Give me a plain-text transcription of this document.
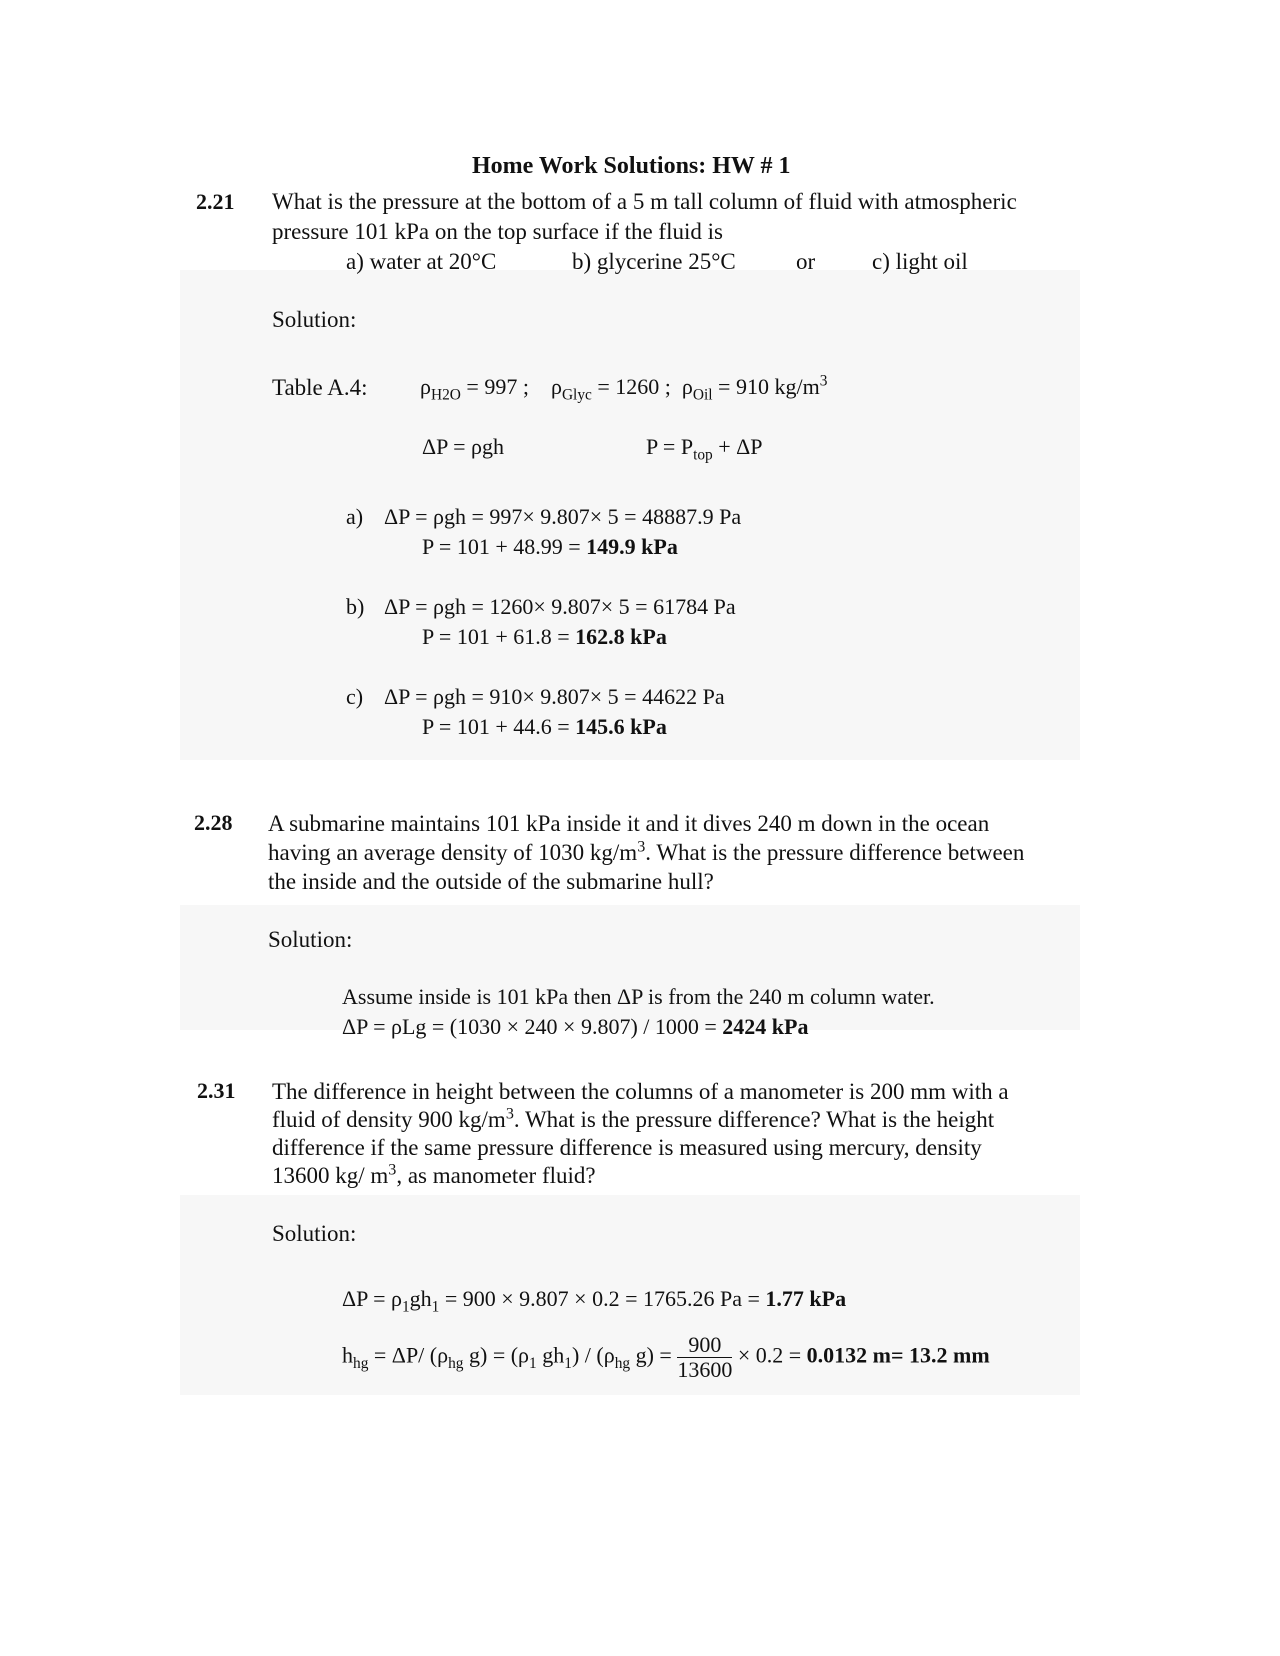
Home Work Solutions: HW # 1
2.21 What is the pressure at the bottom of a 5 m tall column of fluid with atmospheric
pressure 101 kPa on the top surface if the fluid is
a) water at 20°C	b) glycerine 25°C	or c) light oil
Solution:
Table A.4: $\rho_{H2O} = 997$ ; $\rho_{Glyc} = 1260$ ; $\rho_{Oil} = 910$ $kg/m^3$
ΔP = ρgh	$P = P_{top} + \Delta P$
a) ΔP = ρgh = 997× 9.807× 5 = 48887.9 Pa
P = 101 + 48.99 = 149.9 kPa
b) ΔP = ρgh = 1260× 9.807× 5 = 61784 Pa
P = 101 + 61.8 = 162.8 kPa
c) ΔP = ρgh = 910× 9.807× 5 = 44622 Pa
P = 101 + 44.6 = 145.6 kPa
2.28 A submarine maintains 101 kPa inside it and it dives 240 m down in the ocean
having an average density of 1030 $kg/m^3$. What is the pressure difference between
the inside and the outside of the submarine hull?
Solution:
Assume inside is 101 kPa then ΔP is from the 240 m column water.
ΔP = ρLg = (1030 × 240 × 9.807) / 1000 = 2424 kPa
2.31 The difference in height between the columns of a manometer is 200 mm with a
fluid of density 900 $kg/m^3$. What is the pressure difference? What is the height
difference if the same pressure difference is measured using mercury, density
13600 kg/ $m^3$, as manometer fluid?
Solution:
$\Delta P = \rho_1gh_1 = 900 \times 9.807 \times 0.2 = 1765.26$ Pa = 1.77 kPa
$h_{hg} = \Delta P/$ ($\rho_{hg}$ $g) = (\rho_1$ $gh_1) / (\rho_{hg}$ $g) = \frac{900}{13600} \times 0.2 = 0.0132$ m= 13.2 mm
